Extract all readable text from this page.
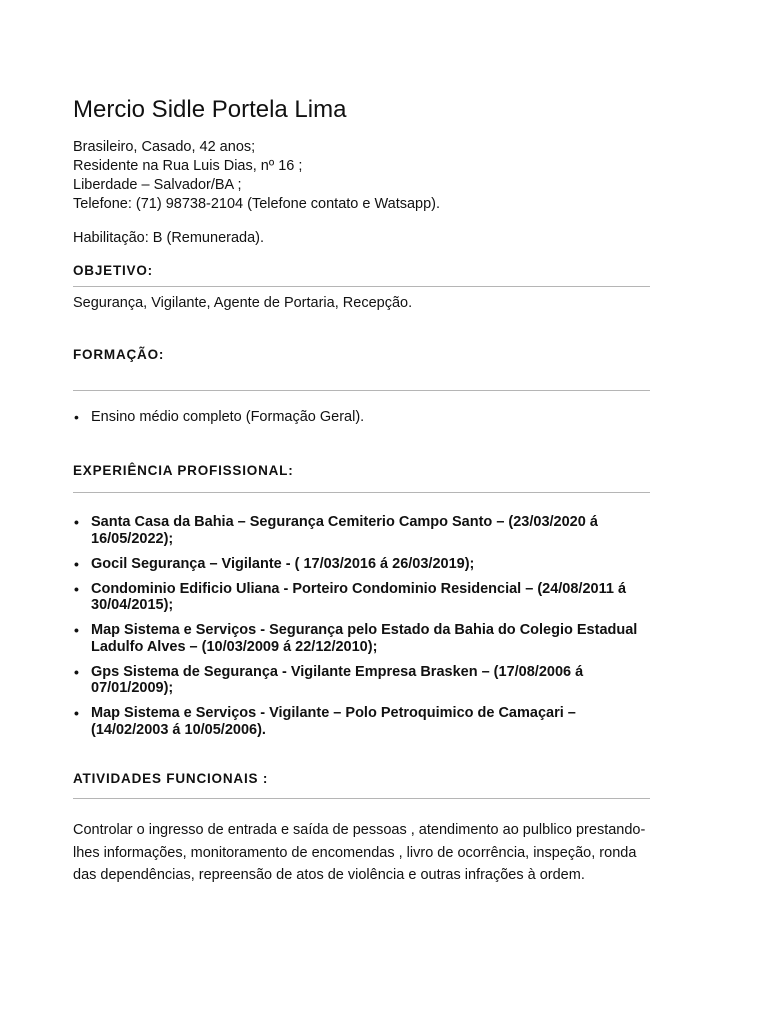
Mercio Sidle Portela Lima
Brasileiro, Casado, 42 anos;
Residente na Rua Luis Dias, nº 16 ;
Liberdade – Salvador/BA ;
Telefone: (71) 98738-2104 (Telefone contato e Watsapp).
Habilitação: B (Remunerada).
OBJETIVO:
Segurança, Vigilante, Agente de Portaria, Recepção.
FORMAÇÃO:
• Ensino médio completo (Formação Geral).
EXPERIÊNCIA PROFISSIONAL:
• Santa Casa da Bahia – Segurança Cemiterio Campo Santo – (23/03/2020 á
16/05/2022);
• Gocil Segurança – Vigilante - ( 17/03/2016 á 26/03/2019);
• Condominio Edificio Uliana - Porteiro Condominio Residencial – (24/08/2011 á
30/04/2015);
• Map Sistema e Serviços - Segurança pelo Estado da Bahia do Colegio Estadual
Ladulfo Alves – (10/03/2009 á 22/12/2010);
• Gps Sistema de Segurança - Vigilante Empresa Brasken – (17/08/2006 á
07/01/2009);
• Map Sistema e Serviços - Vigilante – Polo Petroquimico de Camaçari –
(14/02/2003 á 10/05/2006).
ATIVIDADES FUNCIONAIS :
Controlar o ingresso de entrada e saída de pessoas , atendimento ao pulblico prestando-
lhes informações, monitoramento de encomendas , livro de ocorrência, inspeção, ronda
das dependências, repreensão de atos de violência e outras infrações à ordem.
